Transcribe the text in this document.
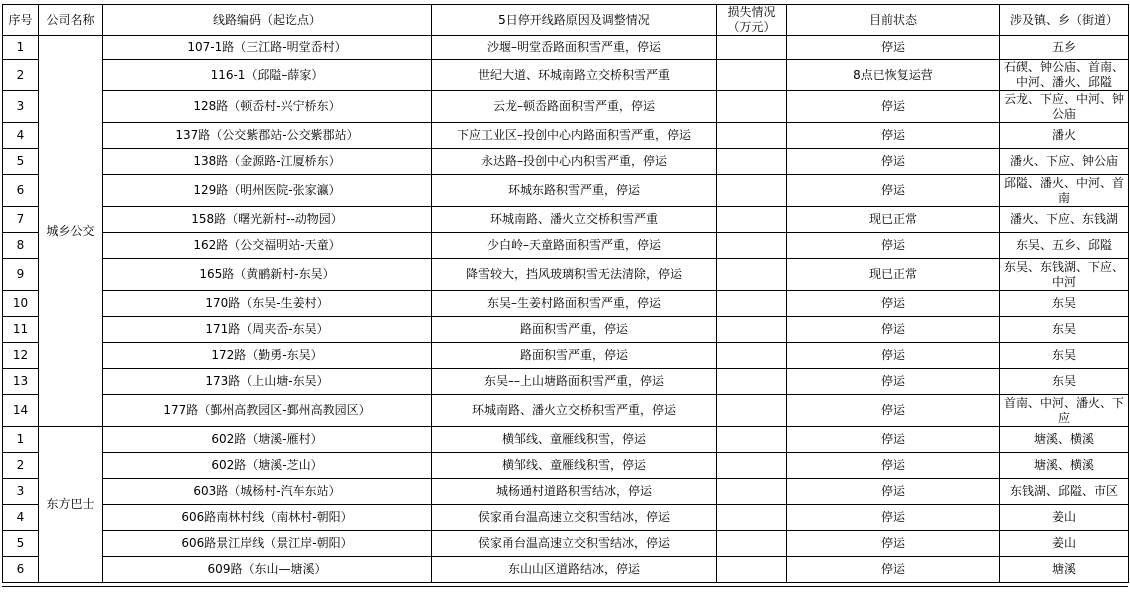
序号	公司名称	线路编码（起讫点）	5日停开线路原因及调整情况	损失情况（万元）	目前状态	涉及镇、乡（街道）
1	城乡公交	107-1路（三江路-明堂岙村）	沙堰–明堂岙路面积雪严重，停运		停运	五乡
2		116-1（邱隘–薛家）	世纪大道、环城南路立交桥积雪严重		8点已恢复运营	石碶、钟公庙、首南、中河、潘火、邱隘
3		128路（顿岙村-兴宁桥东）	云龙–顿岙路面积雪严重，停运		停运	云龙、下应、中河、钟公庙
4		137路（公交紫郡站-公交紫郡站）	下应工业区–投创中心内路面积雪严重，停运		停运	潘火
5		138路（金源路-江厦桥东）	永达路–投创中心内积雪严重，停运		停运	潘火、下应、钟公庙
6		129路（明州医院-张家瀛）	环城东路积雪严重，停运		停运	邱隘、潘火、中河、首南
7		158路（曙光新村--动物园）	环城南路、潘火立交桥积雪严重		现已正常	潘火、下应、东钱湖
8		162路（公交福明站-天童）	少白岭–天童路面积雪严重，停运		停运	东吴、五乡、邱隘
9		165路（黄鹂新村-东吴）	降雪较大，挡风玻璃积雪无法清除，停运		现已正常	东吴、东钱湖、下应、中河
10		170路（东吴-生姜村）	东吴–生姜村路面积雪严重，停运		停运	东吴
11		171路（周夹岙-东吴）	路面积雪严重，停运		停运	东吴
12		172路（勤勇-东吴）	路面积雪严重，停运		停运	东吴
13		173路（上山塘-东吴）	东吴––上山塘路面积雪严重，停运		停运	东吴
14		177路（鄞州高教园区-鄞州高教园区）	环城南路、潘火立交桥积雪严重，停运		停运	首南、中河、潘火、下应
1	东方巴士	602路（塘溪-雁村）	横邹线、童雁线积雪，停运		停运	塘溪、横溪
2		602路（塘溪-芝山）	横邹线、童雁线积雪，停运		停运	塘溪、横溪
3		603路（城杨村-汽车东站）	城杨通村道路积雪结冰，停运		停运	东钱湖、邱隘、市区
4		606路南林村线（南林村-朝阳）	侯家甬台温高速立交积雪结冰，停运		停运	姜山
5		606路景江岸线（景江岸-朝阳）	侯家甬台温高速立交积雪结冰，停运		停运	姜山
6		609路（东山—塘溪）	东山山区道路结冰，停运		停运	塘溪
